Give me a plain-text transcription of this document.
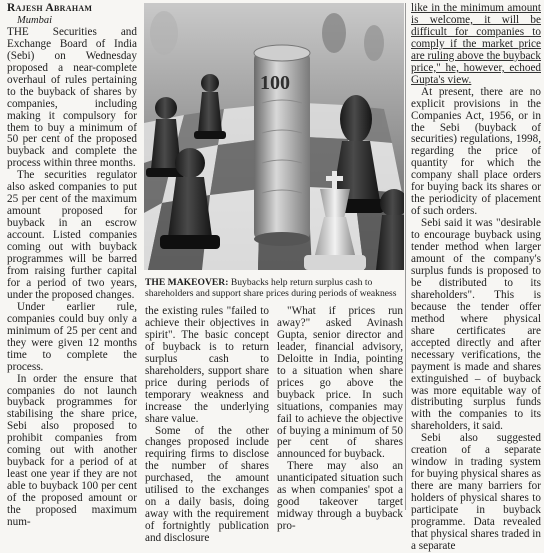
Rajesh Abraham

Mumbai

THE Securities and Exchange Board of India (Sebi) on Wednesday proposed a near-complete overhaul of rules pertaining to the buyback of shares by companies, including making it compulsory for them to buy a minimum of 50 per cent of the proposed buyback and complete the process within three months.

The securities regulator also asked companies to put 25 per cent of the maximum amount proposed for buyback in an escrow account. Listed companies coming out with buyback programmes will be barred from raising further capital for a period of two years, under the proposed changes.

Under earlier rule, companies could buy only a minimum of 25 per cent and they were given 12 months time to complete the process.

In order the ensure that companies do not launch buyback programmes for stabilising the share price, Sebi also proposed to prohibit companies from coming out with another buyback for a period of at least one year if they are not able to buyback 100 per cent of the proposed amount or the proposed maximum num-

100

THE MAKEOVER: Buybacks help return surplus cash to shareholders and support share prices during periods of weakness

the existing rules "failed to achieve their objectives in spirit". The basic concept of buyback is to return surplus cash to shareholders, support share price during periods of temporary weakness and increase the underlying share value.

Some of the other changes proposed include requiring firms to disclose the number of shares purchased, the amount utilised to the exchanges on a daily basis, doing away with the requirement of fortnightly publication and disclosure

"What if prices run away?" asked Avinash Gupta, senior director and leader, financial advisory, Deloitte in India, pointing to a situation when share prices go above the buyback price. In such situations, companies may fail to achieve the objective of buying a minimum of 50 per cent of shares announced for buyback.

There may also an unanticipated situation such as when companies' spot a good takeover target midway through a buyback pro-

like in the minimum amount is welcome, it will be difficult for companies to comply if the market price are ruling above the buyback price," he, however, echoed Gupta's view.

At present, there are no explicit provisions in the Companies Act, 1956, or in the Sebi (buyback of securities) regulations, 1998, regarding the price of quantity for which the company shall place orders for buying back its shares or the periodicity of placement of such orders.

Sebi said it was "desirable to encourage buyback using tender method when larger amount of the company's surplus funds is proposed to be distributed to its shareholders". This is because the tender offer method where physical share certificates are accepted directly and after necessary verifications, the payment is made and shares extinguished – of buyback was more equitable way of distributing surplus funds with the companies to its shareholders, it said.

Sebi also suggested creation of a separate window in trading system for buying physical shares as there are many barriers for holders of physical shares to participate in buyback programme. Data revealed that physical shares traded in a separate
